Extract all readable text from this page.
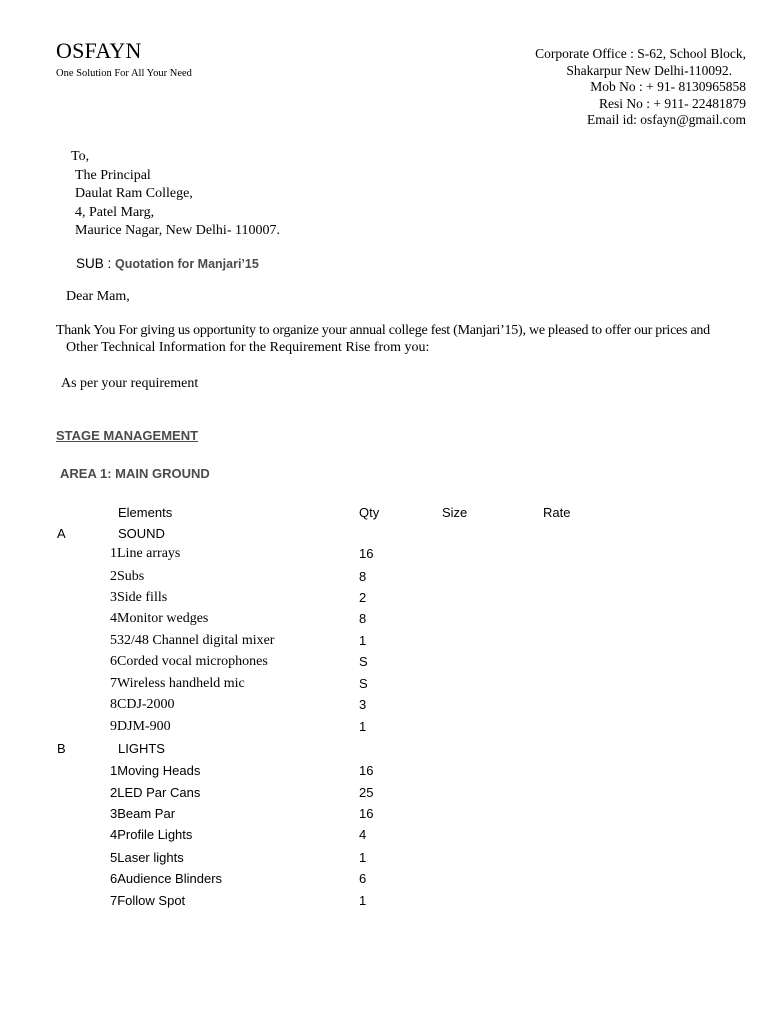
OSFAYN
One Solution For All Your Need
Corporate Office : S-62, School Block,
Shakarpur New Delhi-110092.
Mob No : + 91- 8130965858
Resi No : + 911- 22481879
Email id: osfayn@gmail.com
To,
The Principal
Daulat Ram College,
4, Patel Marg,
Maurice Nagar, New Delhi- 110007.
SUB : Quotation for Manjari’15
Dear Mam,
Thank You For giving us opportunity to organize your annual college fest (Manjari’15), we pleased to offer our prices and
Other Technical Information for the Requirement Rise from you:
As per your requirement
STAGE MANAGEMENT
AREA 1: MAIN GROUND
Elements	Qty	Size	Rate
A	SOUND
1Line arrays	16
2Subs	8
3Side fills	2
4Monitor wedges	8
532/48 Channel digital mixer	1
6Corded vocal microphones	S
7Wireless handheld mic	S
8CDJ-2000	3
9DJM-900	1
B	LIGHTS
1Moving Heads	16
2LED Par Cans	25
3Beam Par	16
4Profile Lights	4
5Laser lights	1
6Audience Blinders	6
7Follow Spot	1
